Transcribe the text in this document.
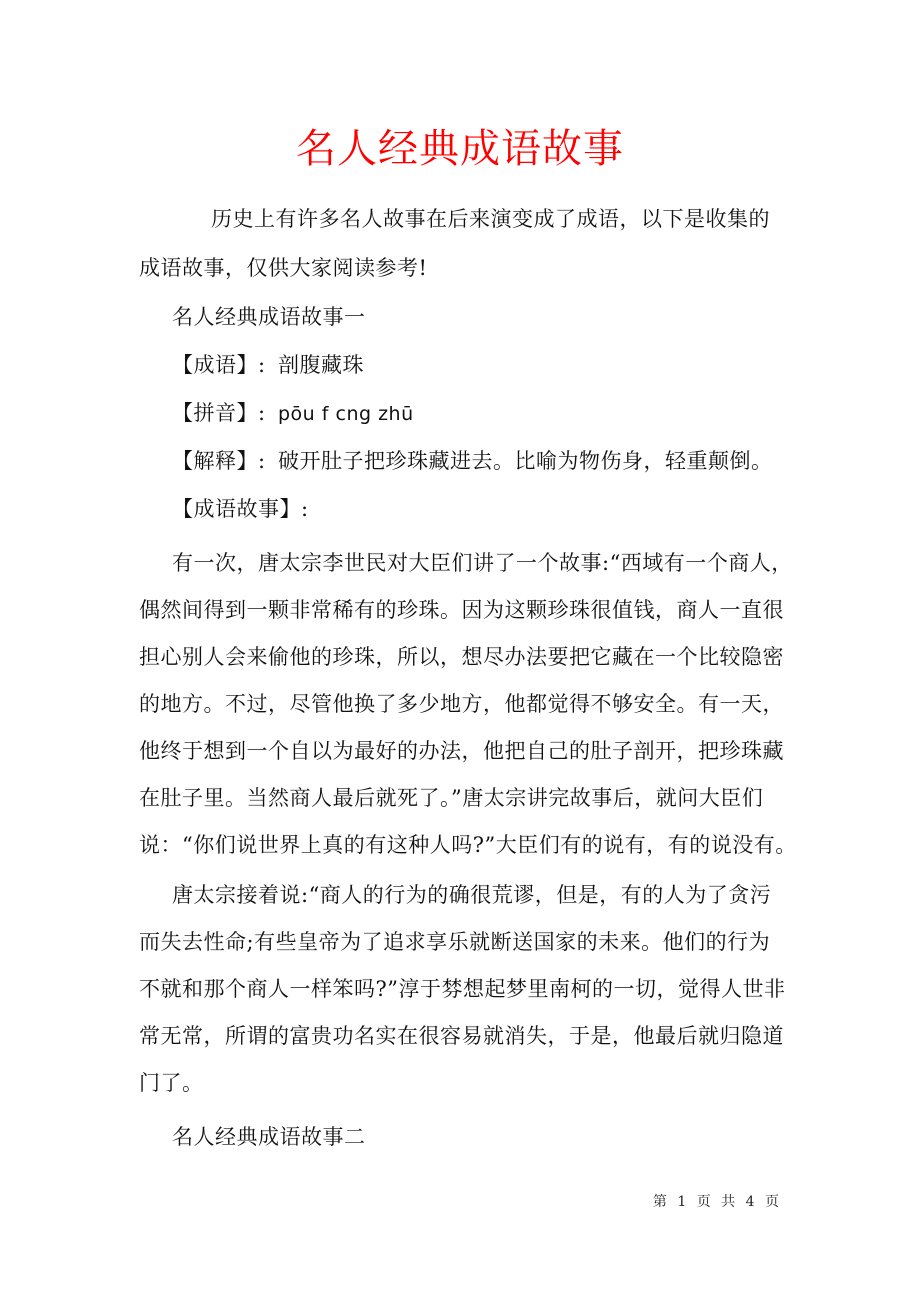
名人经典成语故事
历史上有许多名人故事在后来演变成了成语，以下是收集的
成语故事，仅供大家阅读参考!
名人经典成语故事一
【成语】: 剖腹藏珠
【拼音】: pōu f cng zhū
【解释】: 破开肚子把珍珠藏进去。比喻为物伤身，轻重颠倒。
【成语故事】:
有一次，唐太宗李世民对大臣们讲了一个故事:“西域有一个商人，
偶然间得到一颗非常稀有的珍珠。因为这颗珍珠很值钱，商人一直很
担心别人会来偷他的珍珠，所以，想尽办法要把它藏在一个比较隐密
的地方。不过，尽管他换了多少地方，他都觉得不够安全。有一天，
他终于想到一个自以为最好的办法，他把自己的肚子剖开，把珍珠藏
在肚子里。当然商人最后就死了。”唐太宗讲完故事后，就问大臣们
说：“你们说世界上真的有这种人吗?”大臣们有的说有，有的说没有。
唐太宗接着说:“商人的行为的确很荒谬，但是，有的人为了贪污
而失去性命;有些皇帝为了追求享乐就断送国家的未来。他们的行为
不就和那个商人一样笨吗?”淳于棼想起梦里南柯的一切，觉得人世非
常无常，所谓的富贵功名实在很容易就消失，于是，他最后就归隐道
门了。
名人经典成语故事二
第 1 页 共 4 页
